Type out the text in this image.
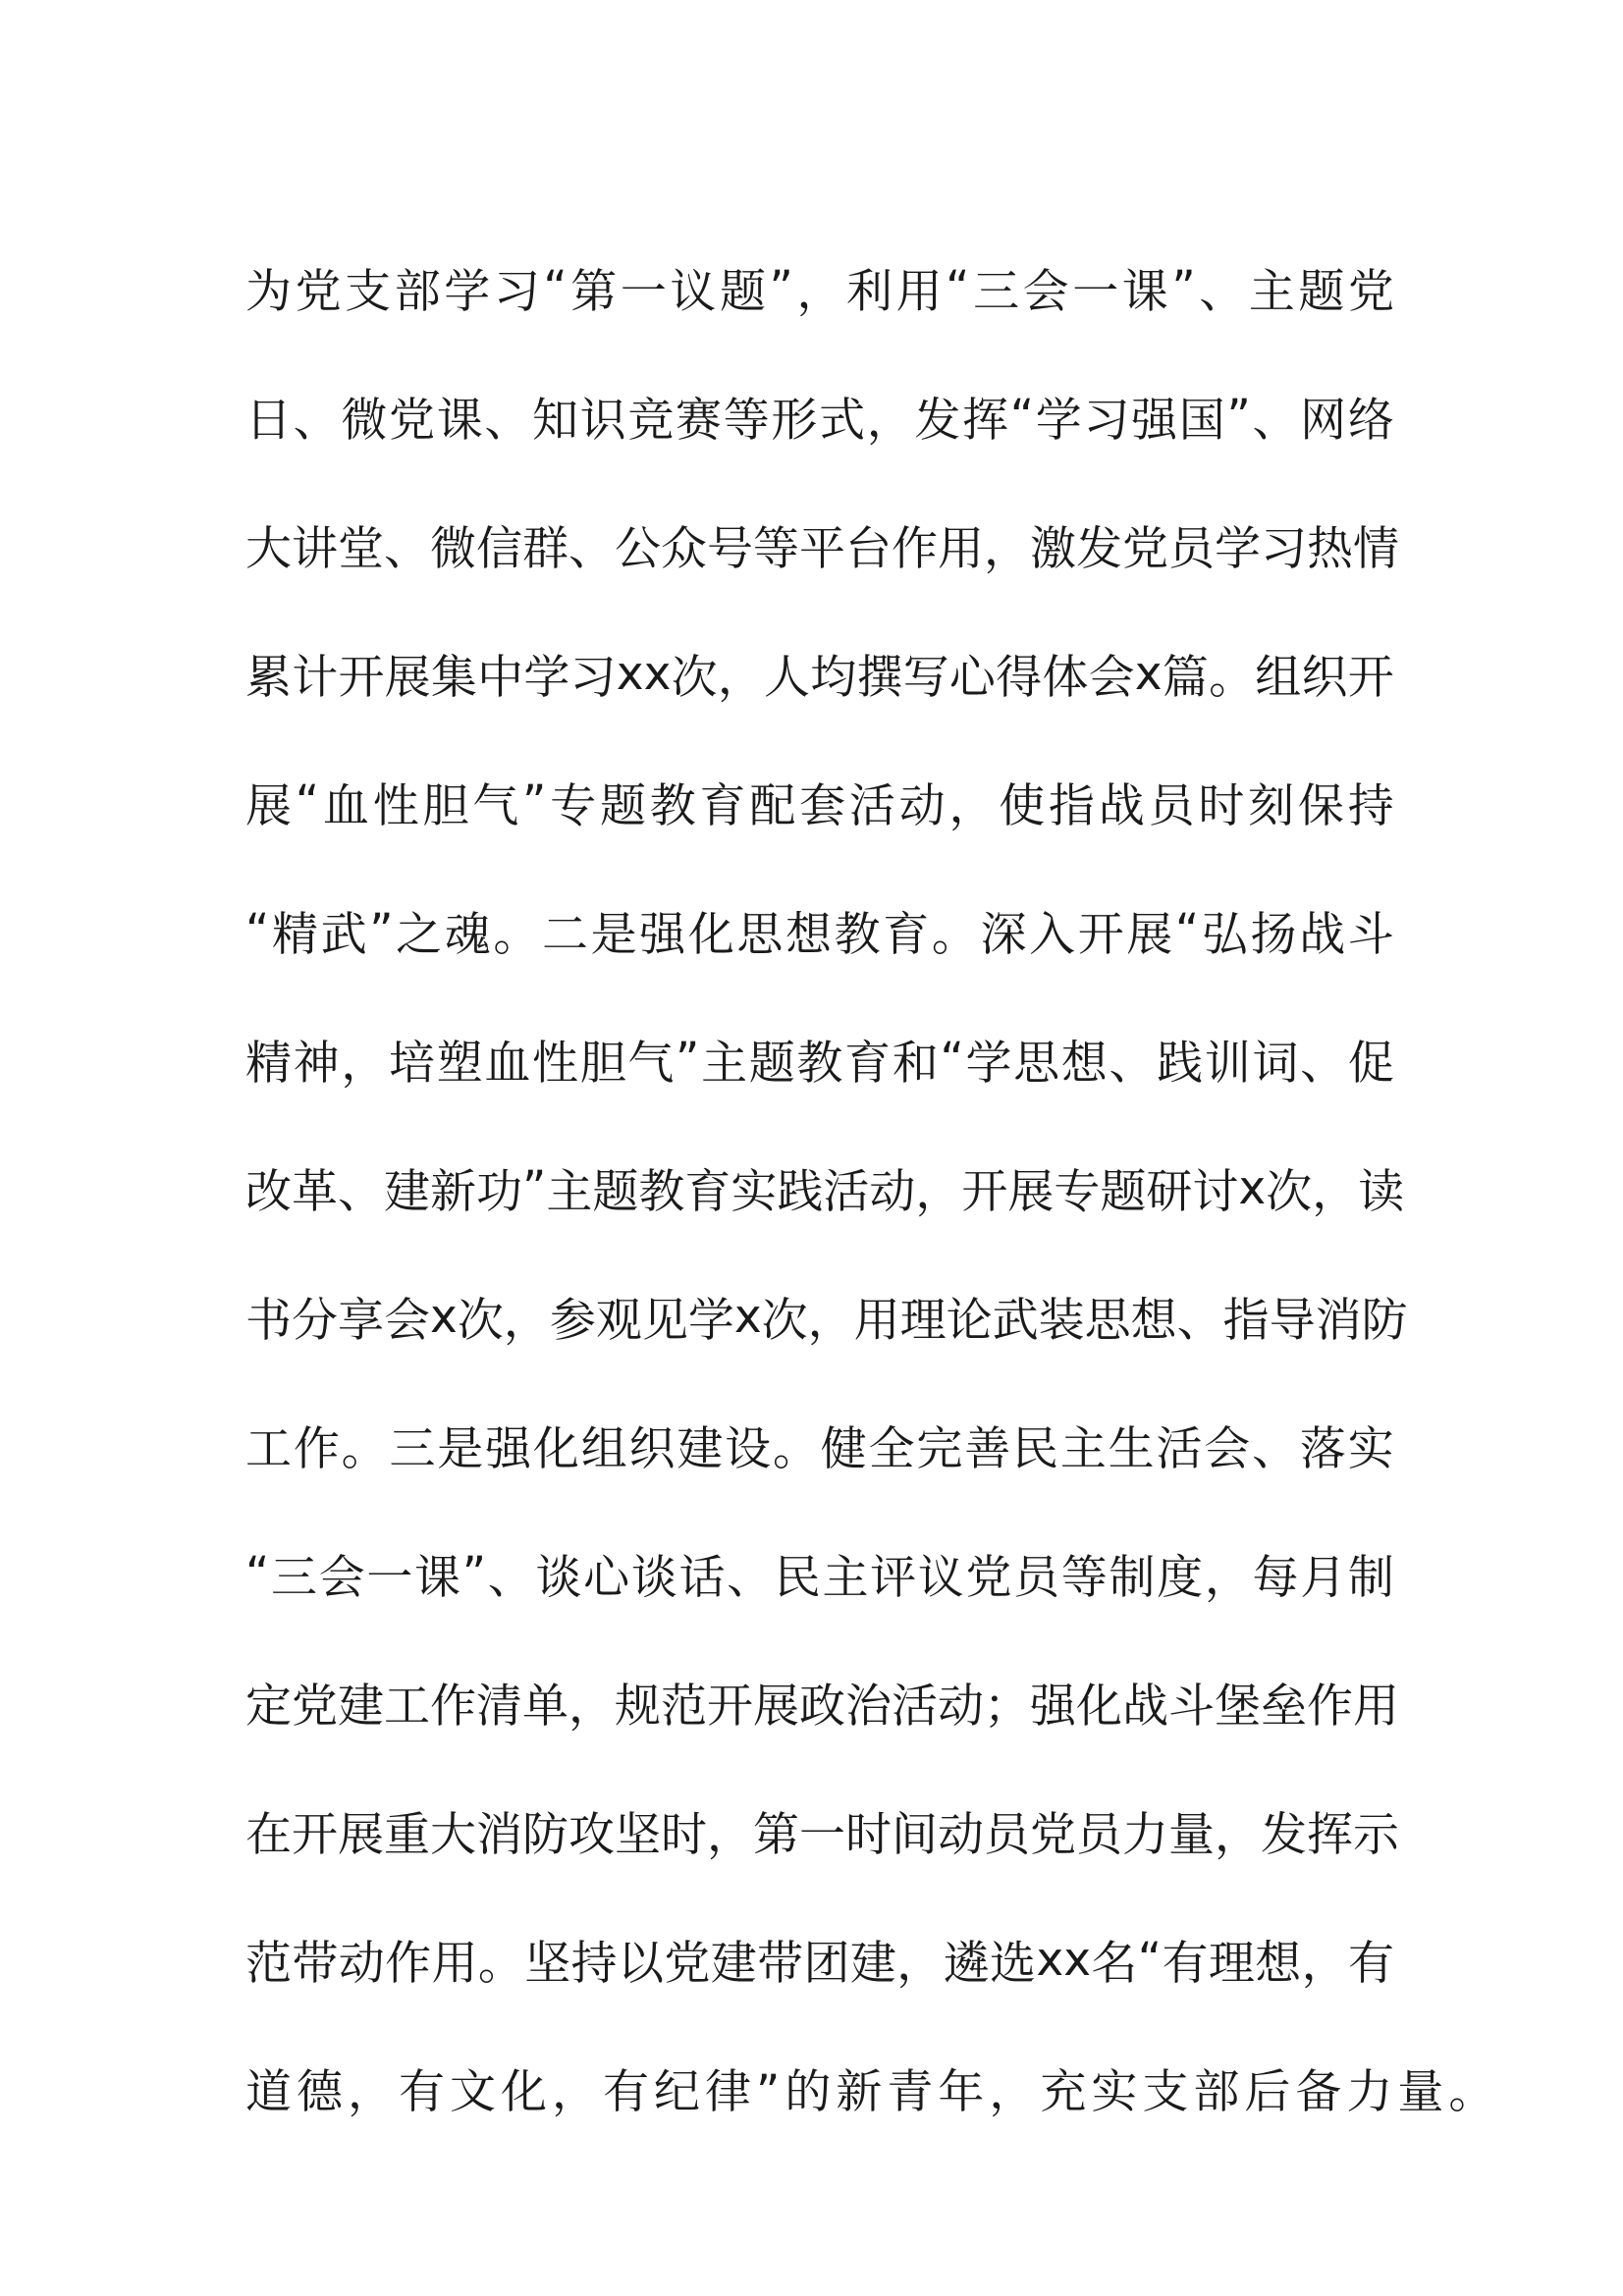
为 党 支 部 学 习 “ 第 一 议 题 ” ， 利 用 “ 三 会 一 课 ” 、 主 题 党
日 、 微 党 课 、 知 识 竞 赛 等 形 式 ， 发 挥 “ 学 习 强 国 ” 、 网 络
大 讲 堂 、 微 信 群 、 公 众 号 等 平 台 作 用 ， 激 发 党 员 学 习 热 情
累 计 开 展 集 中 学 习 xx 次 ， 人 均 撰 写 心 得 体 会 x 篇 。 组 织 开
展 “ 血 性 胆 气 ” 专 题 教 育 配 套 活 动 ， 使 指 战 员 时 刻 保 持
“ 精 武 ” 之 魂 。 二 是 强 化 思 想 教 育 。 深 入 开 展 “ 弘 扬 战 斗
精 神 ， 培 塑 血 性 胆 气 ” 主 题 教 育 和 “ 学 思 想 、 践 训 词 、 促
改 革 、 建 新 功 ” 主 题 教 育 实 践 活 动 ， 开 展 专 题 研 讨 x 次 ， 读
书 分 享 会 x 次 ， 参 观 见 学 x 次 ， 用 理 论 武 装 思 想 、 指 导 消 防
工 作 。 三 是 强 化 组 织 建 设 。 健 全 完 善 民 主 生 活 会 、 落 实
“ 三 会 一 课 ” 、 谈 心 谈 话 、 民 主 评 议 党 员 等 制 度 ， 每 月 制
定 党 建 工 作 清 单 ， 规 范 开 展 政 治 活 动 ； 强 化 战 斗 堡 垒 作 用
在 开 展 重 大 消 防 攻 坚 时 ， 第 一 时 间 动 员 党 员 力 量 ， 发 挥 示
范 带 动 作 用 。 坚 持 以 党 建 带 团 建 ， 遴 选 xx 名 “ 有 理 想 ， 有
道德，有文化，有纪律”的新青年，充实支部后备力量。
